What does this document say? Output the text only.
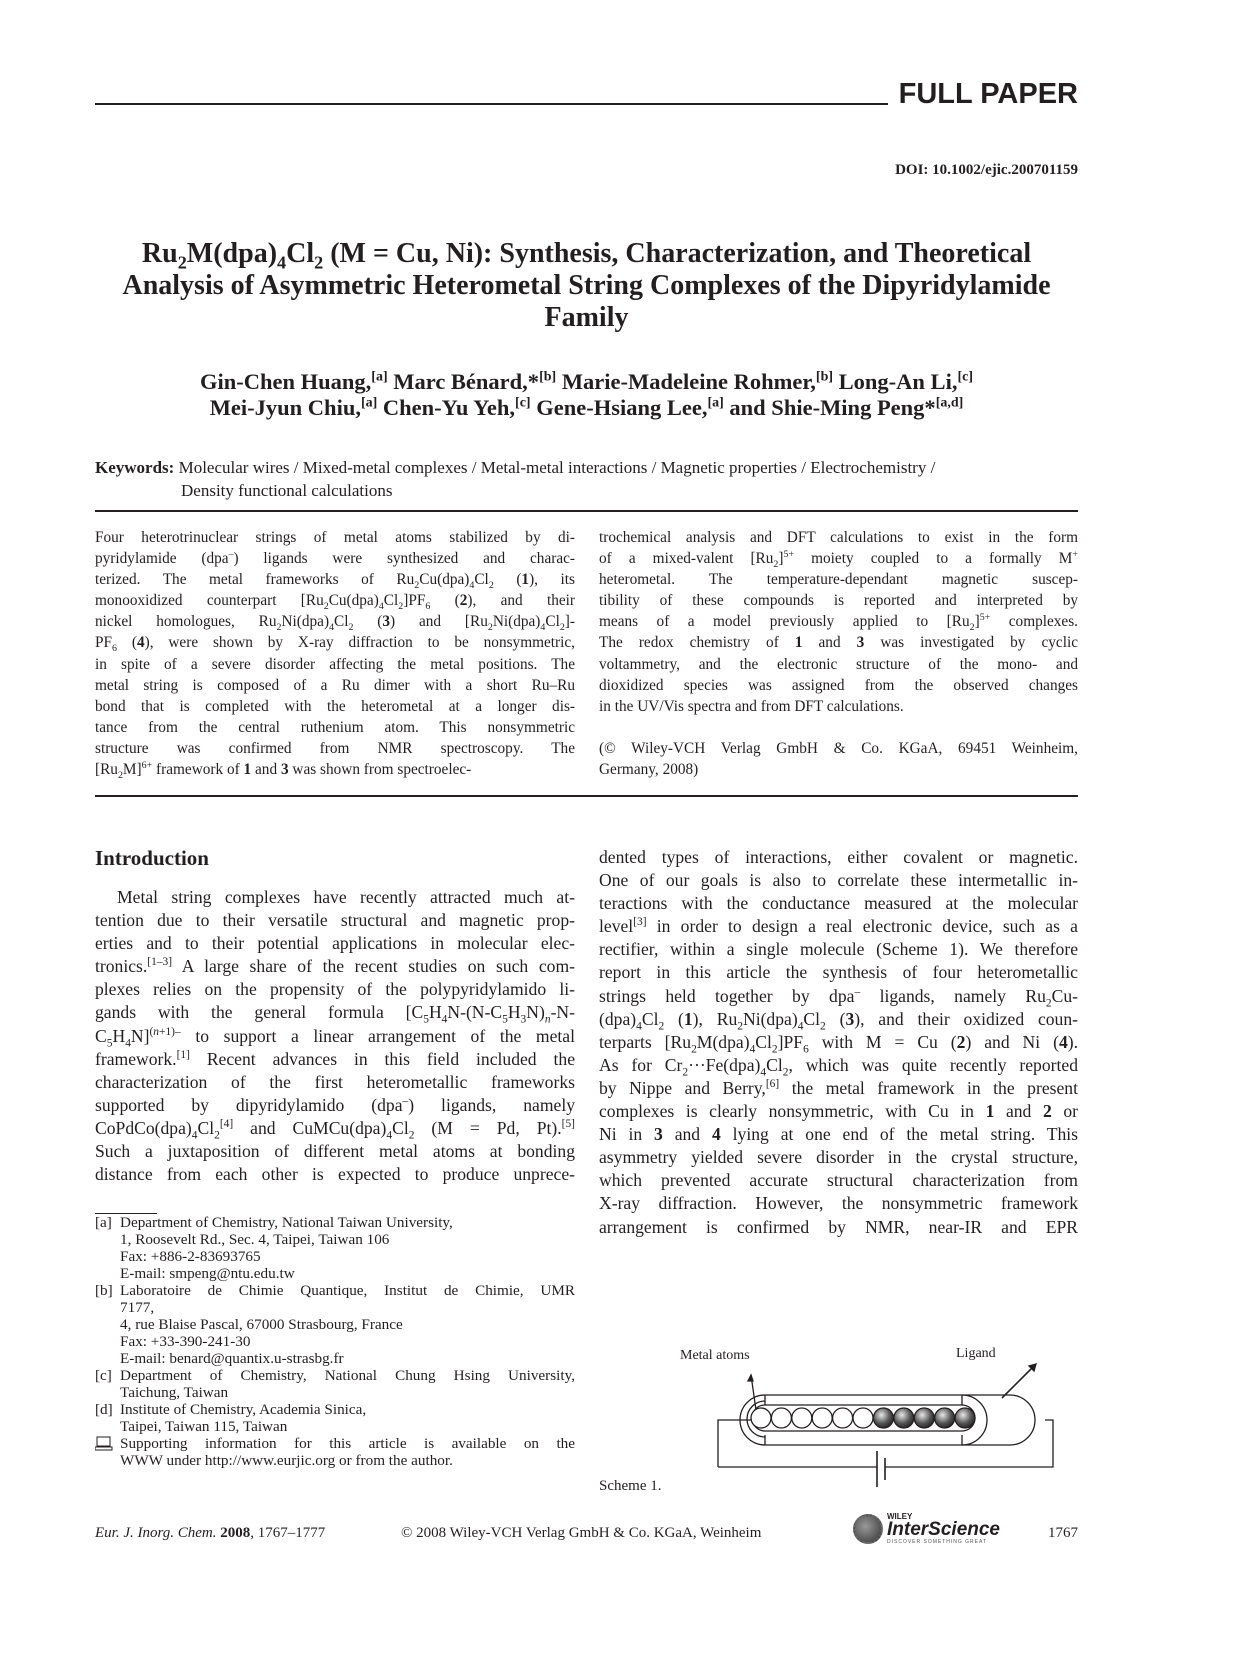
FULL PAPER
DOI: 10.1002/ejic.200701159
$Ru_2M(dpa)_4Cl_2$ (M = Cu, Ni): Synthesis, Characterization, and Theoretical
Analysis of Asymmetric Heterometal String Complexes of the Dipyridylamide
Family
Gin-Chen Huang,[a] Marc Bénard,*[b] Marie-Madeleine Rohmer,[b] Long-An Li,[c]
Mei-Jyun Chiu,[a] Chen-Yu Yeh,[c] Gene-Hsiang Lee,[a] and Shie-Ming Peng*[a,d]
Keywords: Molecular wires / Mixed-metal complexes / Metal-metal interactions / Magnetic properties / Electrochemistry /
Density functional calculations
Four heterotrinuclear strings of metal atoms stabilized by di-
pyridylamide (dpa–) ligands were synthesized and charac-
terized. The metal frameworks of $Ru_2Cu(dpa)_4Cl_2$ (1), its
monooxidized counterpart $[Ru_2Cu(dpa)_4Cl_2]PF_6$ (2), and their
nickel homologues, $Ru_2Ni(dpa)_4Cl_2$ (3) and $[Ru_2Ni(dpa)_4Cl_2]-$
$PF_6$ (4), were shown by X-ray diffraction to be nonsymmetric,
in spite of a severe disorder affecting the metal positions. The
metal string is composed of a Ru dimer with a short Ru–Ru
bond that is completed with the heterometal at a longer dis-
tance from the central ruthenium atom. This nonsymmetric
structure was confirmed from NMR spectroscopy. The
$[Ru_2M]^{6+}$ framework of 1 and 3 was shown from spectroelec-
trochemical analysis and DFT calculations to exist in the form
of a mixed-valent $[Ru_2]^{5+}$ moiety coupled to a formally M+
heterometal. The temperature-dependant magnetic suscep-
tibility of these compounds is reported and interpreted by
means of a model previously applied to $[Ru_2]^{5+}$ complexes.
The redox chemistry of 1 and 3 was investigated by cyclic
voltammetry, and the electronic structure of the mono- and
dioxidized species was assigned from the observed changes
in the UV/Vis spectra and from DFT calculations.
(© Wiley-VCH Verlag GmbH & Co. KGaA, 69451 Weinheim,
Germany, 2008)
Introduction
Metal string complexes have recently attracted much at-
tention due to their versatile structural and magnetic prop-
erties and to their potential applications in molecular elec-
tronics.[1–3] A large share of the recent studies on such com-
plexes relies on the propensity of the polypyridylamido li-
gands with the general formula [$C_5H_4N-(N-C_5H_3N)_n-N-$
$C_5H_4N]^{(n+1)-}$ to support a linear arrangement of the metal
framework.[1] Recent advances in this field included the
characterization of the first heterometallic frameworks
supported by dipyridylamido (dpa–) ligands, namely
$CoPdCo(dpa)_4Cl_2[4]$ and $CuMCu(dpa)_4Cl_2$ (M = Pd, Pt).[5]
Such a juxtaposition of different metal atoms at bonding
distance from each other is expected to produce unprece-
dented types of interactions, either covalent or magnetic.
One of our goals is also to correlate these intermetallic in-
teractions with the conductance measured at the molecular
level[3] in order to design a real electronic device, such as a
rectifier, within a single molecule (Scheme 1). We therefore
report in this article the synthesis of four heterometallic
strings held together by dpa– ligands, namely $Ru_2Cu-$
$(dpa)_4Cl_2$ (1), $Ru_2Ni(dpa)_4Cl_2$ (3), and their oxidized coun-
terparts $[Ru_2M(dpa)_4Cl_2]PF_6$ with M = Cu (2) and Ni (4).
As for $Cr_2\cdot\cdot\cdot Fe(dpa)_4Cl_2$, which was quite recently reported
by Nippe and Berry,[6] the metal framework in the present
complexes is clearly nonsymmetric, with Cu in 1 and 2 or
Ni in 3 and 4 lying at one end of the metal string. This
asymmetry yielded severe disorder in the crystal structure,
which prevented accurate structural characterization from
X-ray diffraction. However, the nonsymmetric framework
arrangement is confirmed by NMR, near-IR and EPR
[a] Department of Chemistry, National Taiwan University,
1, Roosevelt Rd., Sec. 4, Taipei, Taiwan 106
Fax: +886-2-83693765
E-mail: smpeng@ntu.edu.tw
[b] Laboratoire de Chimie Quantique, Institut de Chimie, UMR
7177,
4, rue Blaise Pascal, 67000 Strasbourg, France
Fax: +33-390-241-30
E-mail: benard@quantix.u-strasbg.fr
[c] Department of Chemistry, National Chung Hsing University,
Taichung, Taiwan
[d] Institute of Chemistry, Academia Sinica,
Taipei, Taiwan 115, Taiwan
Supporting information for this article is available on the
WWW under http://www.eurjic.org or from the author.
Metal atoms	Ligand
Scheme 1.
Eur. J. Inorg. Chem. 2008, 1767–1777	© 2008 Wiley-VCH Verlag GmbH & Co. KGaA, Weinheim
WILEY
InterScience
DISCOVER SOMETHING GREAT
1767
